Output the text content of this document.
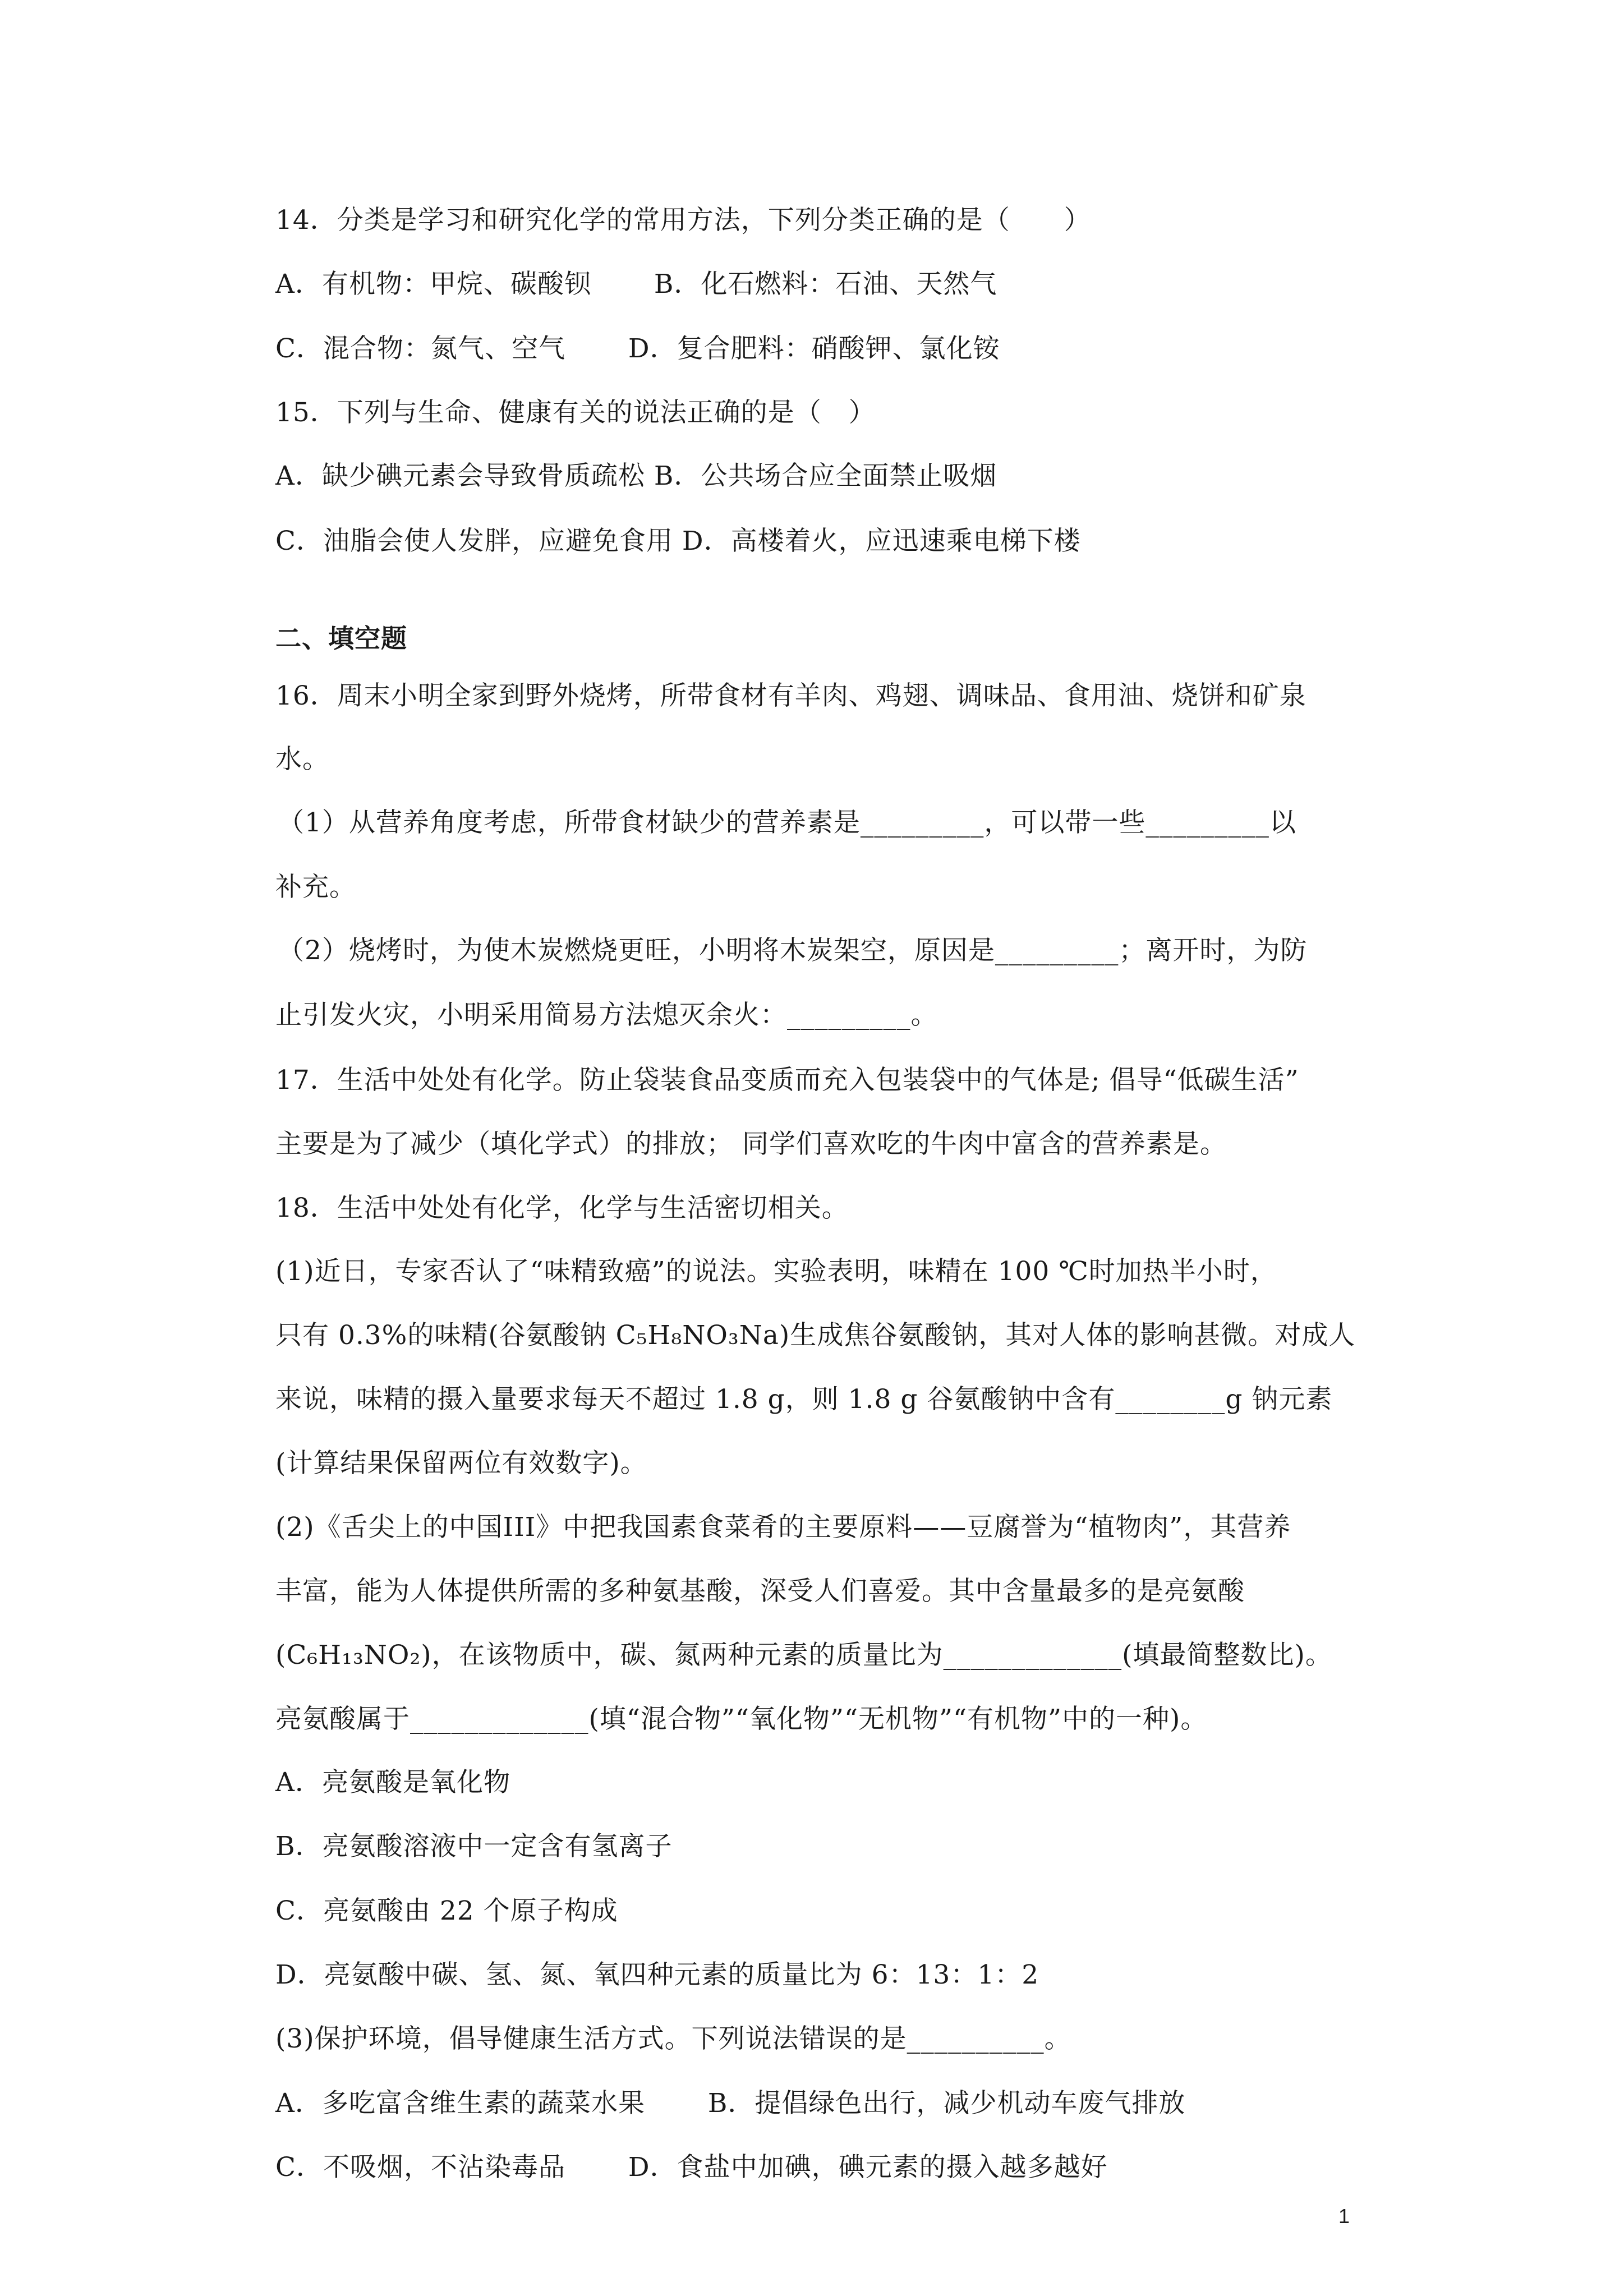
14．分类是学习和研究化学的常用方法，下列分类正确的是（　　）
A．有机物：甲烷、碳酸钡　　 B．化石燃料：石油、天然气
C．混合物：氮气、空气　　 D．复合肥料：硝酸钾、氯化铵
15．下列与生命、健康有关的说法正确的是（　）
A．缺少碘元素会导致骨质疏松 B．公共场合应全面禁止吸烟
C．油脂会使人发胖，应避免食用 D．高楼着火，应迅速乘电梯下楼
二、填空题
16．周末小明全家到野外烧烤，所带食材有羊肉、鸡翅、调味品、食用油、烧饼和矿泉
水。
（1）从营养角度考虑，所带食材缺少的营养素是_________，可以带一些_________以
补充。
（2）烧烤时，为使木炭燃烧更旺，小明将木炭架空，原因是_________；离开时，为防
止引发火灾，小明采用简易方法熄灭余火：_________。
17．生活中处处有化学。防止袋装食品变质而充入包装袋中的气体是; 倡导“低碳生活”
主要是为了减少（填化学式）的排放； 同学们喜欢吃的牛肉中富含的营养素是。
18．生活中处处有化学，化学与生活密切相关。
(1)近日，专家否认了“味精致癌”的说法。实验表明，味精在 100 ℃时加热半小时，
只有 0.3%的味精(谷氨酸钠 C₅H₈NO₃Na)生成焦谷氨酸钠，其对人体的影响甚微。对成人
来说，味精的摄入量要求每天不超过 1.8 g，则 1.8 g 谷氨酸钠中含有________g 钠元素
(计算结果保留两位有效数字)。
(2)《舌尖上的中国III》中把我国素食菜肴的主要原料——豆腐誉为“植物肉”，其营养
丰富，能为人体提供所需的多种氨基酸，深受人们喜爱。其中含量最多的是亮氨酸
(C₆H₁₃NO₂)，在该物质中，碳、氮两种元素的质量比为_____________(填最简整数比)。
亮氨酸属于_____________(填“混合物”“氧化物”“无机物”“有机物”中的一种)。
A．亮氨酸是氧化物
B．亮氨酸溶液中一定含有氢离子
C．亮氨酸由 22 个原子构成
D．亮氨酸中碳、氢、氮、氧四种元素的质量比为 6：13：1：2
(3)保护环境，倡导健康生活方式。下列说法错误的是__________。
A．多吃富含维生素的蔬菜水果　　 B．提倡绿色出行，减少机动车废气排放
C．不吸烟，不沾染毒品　　 D．食盐中加碘，碘元素的摄入越多越好
1
